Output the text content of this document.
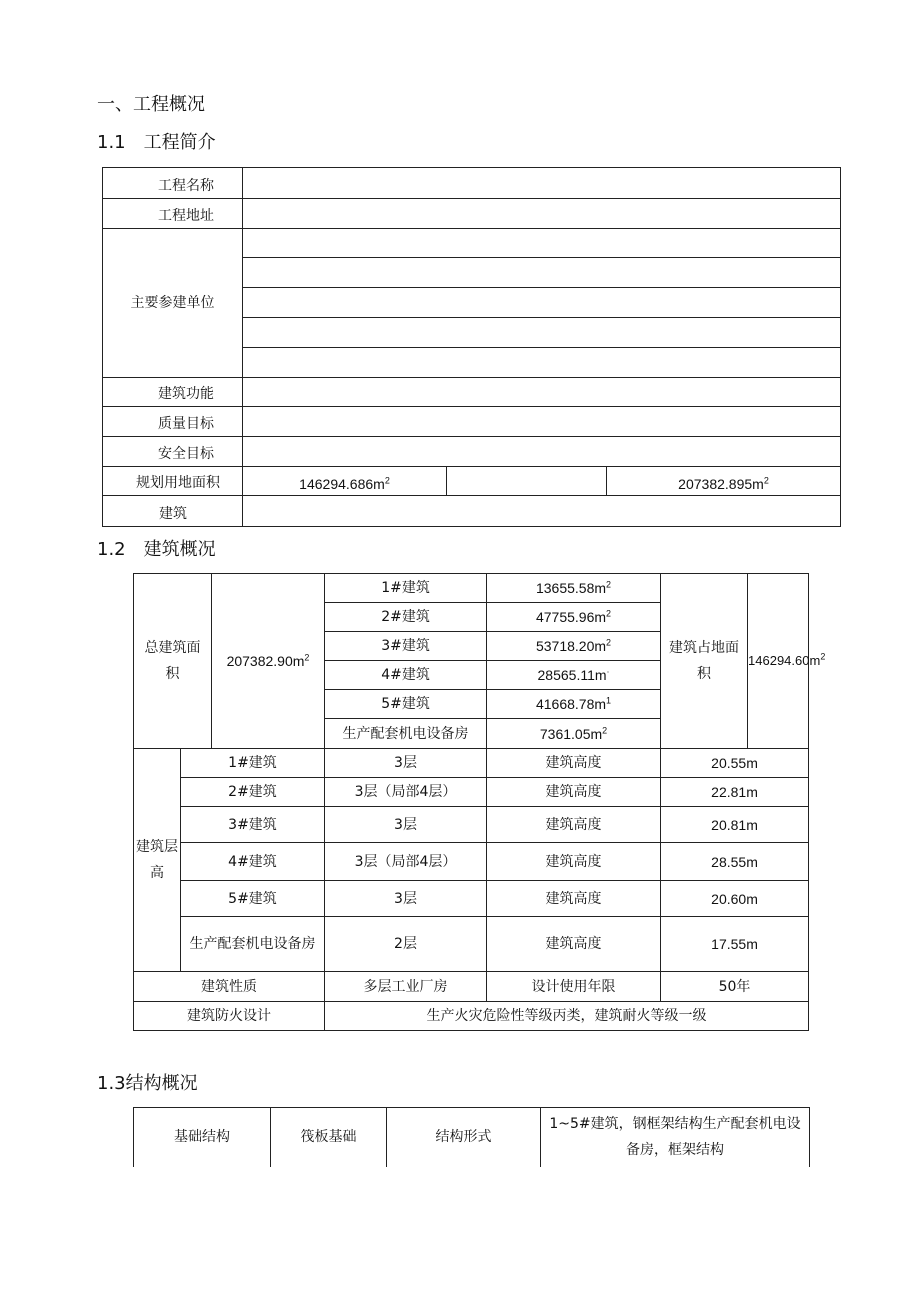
一、工程概况
1.1　工程简介
工程名称			
工程地址			
主要参建单位			

建筑功能			
质量目标			
安全目标			
规划用地面积	$146294.686m^2$		$207382.895m^2$
建筑			
1.2　建筑概况
总建筑面积		$207382.90m^2$	1#建筑	$13655.58m^2$	建筑占地面积	$146294.60m^2$
			2#建筑	$47755.96m^2$
			3#建筑	$53718.20m^2$
			4#建筑	28565.11m·
			5#建筑	$41668.78m^1$
			生产配套机电设备房	$7361.05m^2$
建筑层高	1#建筑		3层	建筑高度	20.55m	
	2#建筑		3层（局部4层）	建筑高度	22.81m	
	3#建筑		3层	建筑高度	20.81m	
	4#建筑		3层（局部4层）	建筑高度	28.55m	
	5#建筑		3层	建筑高度	20.60m	
	生产配套机电设备房		2层	建筑高度	17.55m	
建筑性质			多层工业厂房	设计使用年限	50年	
建筑防火设计			生产火灾危险性等级丙类，建筑耐火等级一级			
1.3结构概况
基础结构	筏板基础	结构形式	1~5#建筑，钢框架结构生产配套机电设备房，框架结构
